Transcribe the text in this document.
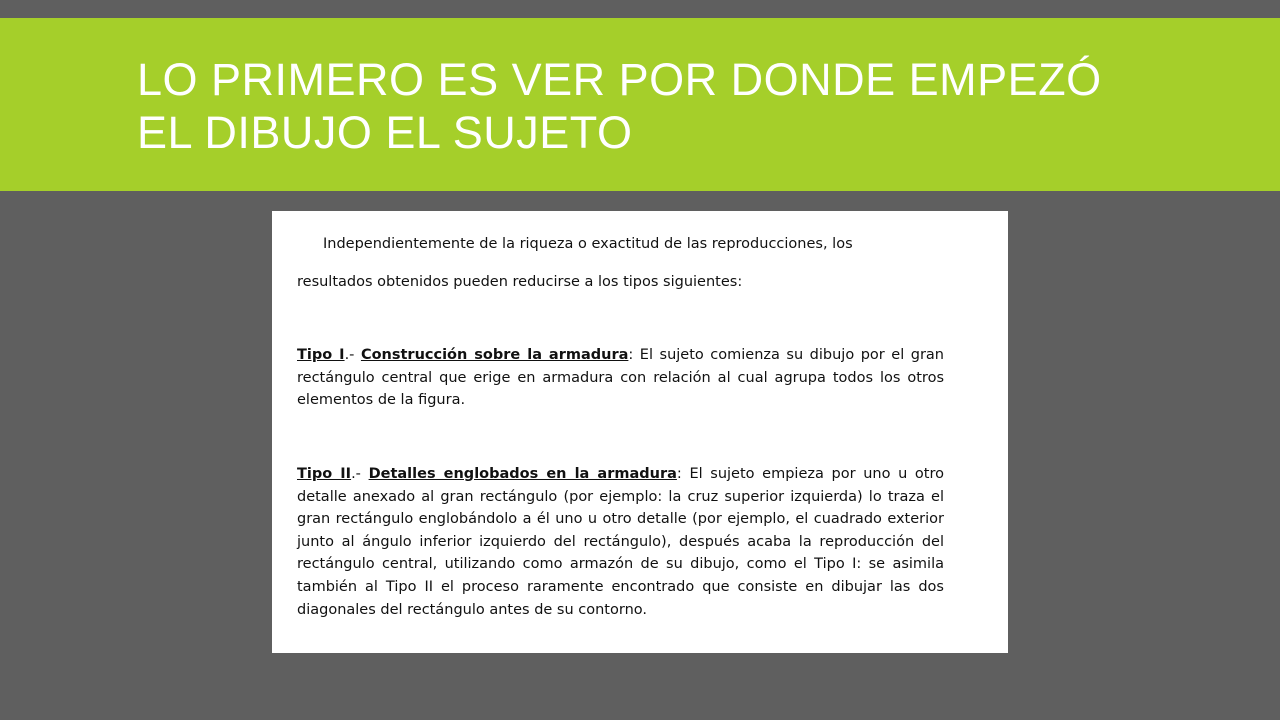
LO PRIMERO ES VER POR DONDE EMPEZÓ
EL DIBUJO EL SUJETO

Independientemente de la riqueza o exactitud de las reproducciones, los

resultados obtenidos pueden reducirse a los tipos siguientes:

Tipo I.- Construcción sobre la armadura: El sujeto comienza su dibujo por el gran rectángulo central que erige en armadura con relación al cual agrupa todos los otros elementos de la figura.

Tipo II.- Detalles englobados en la armadura: El sujeto empieza por uno u otro detalle anexado al gran rectángulo (por ejemplo: la cruz superior izquierda) lo traza el gran rectángulo englobándolo a él uno u otro detalle (por ejemplo, el cuadrado exterior junto al ángulo inferior izquierdo del rectángulo), después acaba la reproducción del rectángulo central, utilizando como armazón de su dibujo, como el Tipo I: se asimila también al Tipo II el proceso raramente encontrado que consiste en dibujar las dos diagonales del rectángulo antes de su contorno.
